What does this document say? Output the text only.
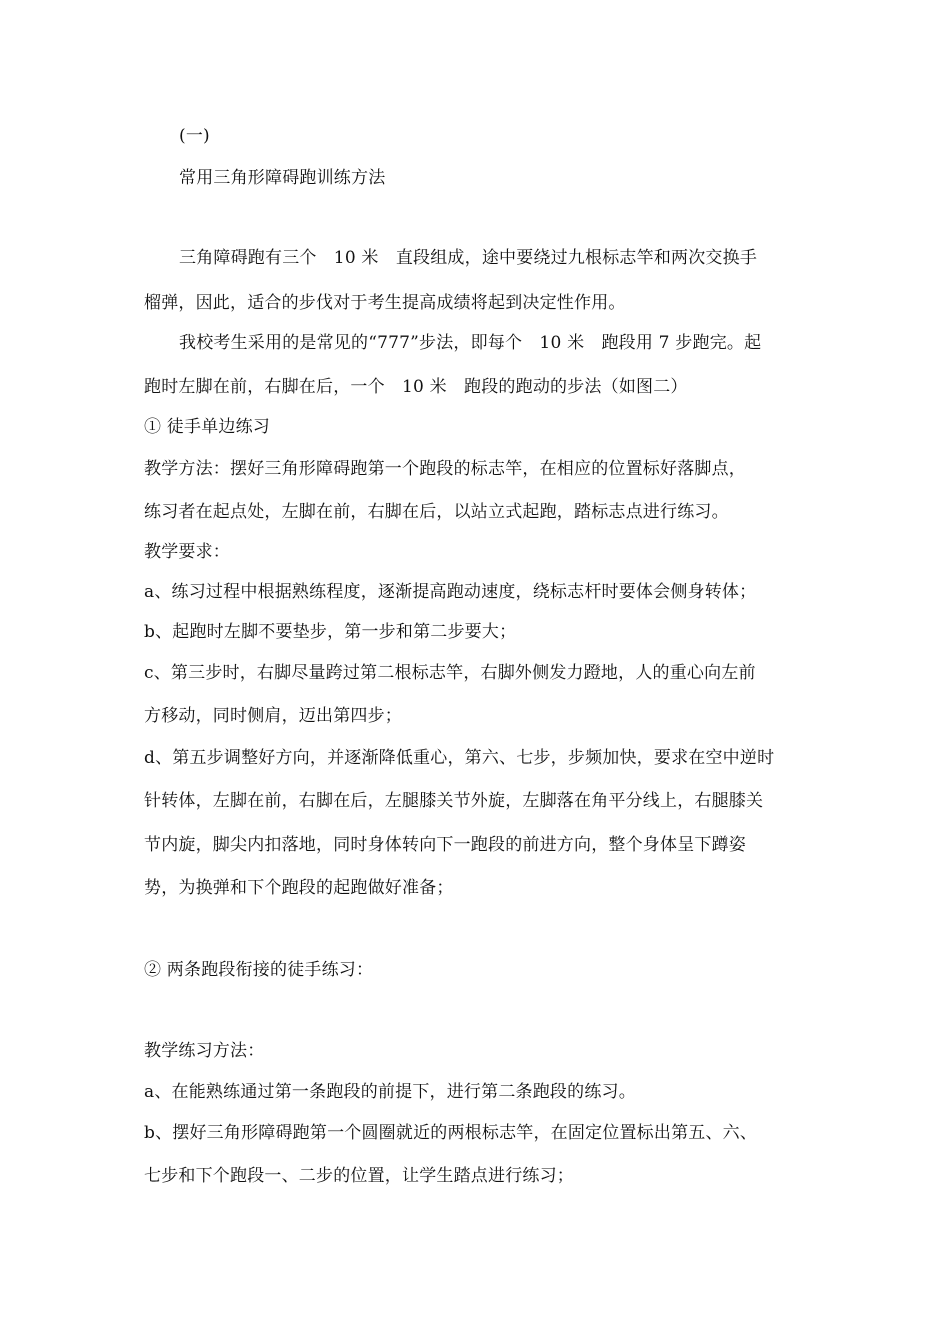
(一)
常用三角形障碍跑训练方法
三角障碍跑有三个　10 米　直段组成，途中要绕过九根标志竿和两次交换手
榴弹，因此，适合的步伐对于考生提高成绩将起到决定性作用。
我校考生采用的是常见的“777”步法，即每个　10 米　跑段用 7 步跑完。起
跑时左脚在前，右脚在后，一个　10 米　跑段的跑动的步法（如图二）
① 徒手单边练习
教学方法：摆好三角形障碍跑第一个跑段的标志竿，在相应的位置标好落脚点，
练习者在起点处，左脚在前，右脚在后，以站立式起跑，踏标志点进行练习。
教学要求：
a、练习过程中根据熟练程度，逐渐提高跑动速度，绕标志杆时要体会侧身转体；
b、起跑时左脚不要垫步，第一步和第二步要大；
c、第三步时，右脚尽量跨过第二根标志竿，右脚外侧发力蹬地，人的重心向左前
方移动，同时侧肩，迈出第四步；
d、第五步调整好方向，并逐渐降低重心，第六、七步，步频加快，要求在空中逆时
针转体，左脚在前，右脚在后，左腿膝关节外旋，左脚落在角平分线上，右腿膝关
节内旋，脚尖内扣落地，同时身体转向下一跑段的前进方向，整个身体呈下蹲姿
势，为换弹和下个跑段的起跑做好准备；
② 两条跑段衔接的徒手练习：
教学练习方法：
a、在能熟练通过第一条跑段的前提下，进行第二条跑段的练习。
b、摆好三角形障碍跑第一个圆圈就近的两根标志竿，在固定位置标出第五、六、
七步和下个跑段一、二步的位置，让学生踏点进行练习；
